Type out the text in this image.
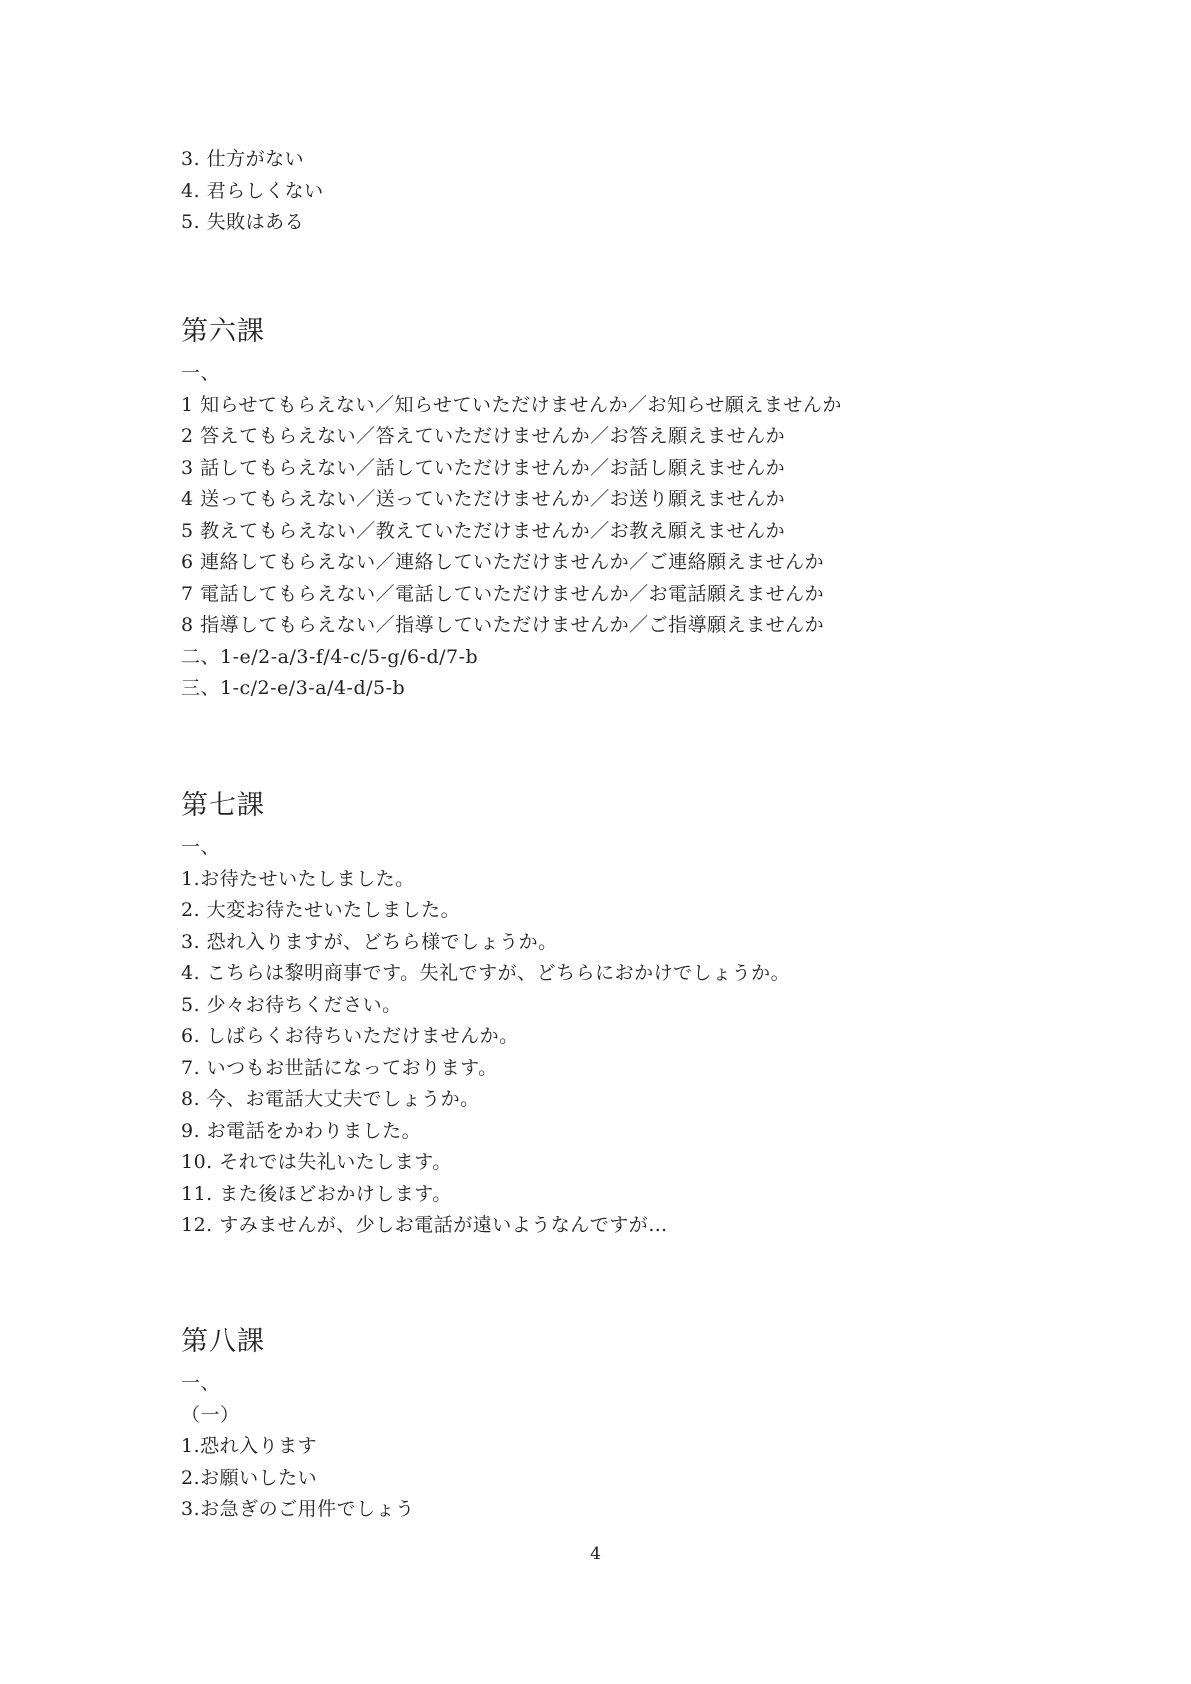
3. 仕方がない
4. 君らしくない
5. 失敗はある
第六課
一、
1 知らせてもらえない／知らせていただけませんか／お知らせ願えませんか
2 答えてもらえない／答えていただけませんか／お答え願えませんか
3 話してもらえない／話していただけませんか／お話し願えませんか
4 送ってもらえない／送っていただけませんか／お送り願えませんか
5 教えてもらえない／教えていただけませんか／お教え願えませんか
6 連絡してもらえない／連絡していただけませんか／ご連絡願えませんか
7 電話してもらえない／電話していただけませんか／お電話願えませんか
8 指導してもらえない／指導していただけませんか／ご指導願えませんか
二、1-e/2-a/3-f/4-c/5-g/6-d/7-b
三、1-c/2-e/3-a/4-d/5-b
第七課
一、
1.お待たせいたしました。
2. 大変お待たせいたしました。
3. 恐れ入りますが、どちら様でしょうか。
4. こちらは黎明商事です。失礼ですが、どちらにおかけでしょうか。
5. 少々お待ちください。
6. しばらくお待ちいただけませんか。
7. いつもお世話になっております。
8. 今、お電話大丈夫でしょうか。
9. お電話をかわりました。
10. それでは失礼いたします。
11. また後ほどおかけします。
12. すみませんが、少しお電話が遠いようなんですが…
第八課
一、
（一）
1.恐れ入ります
2.お願いしたい
3.お急ぎのご用件でしょう
4
